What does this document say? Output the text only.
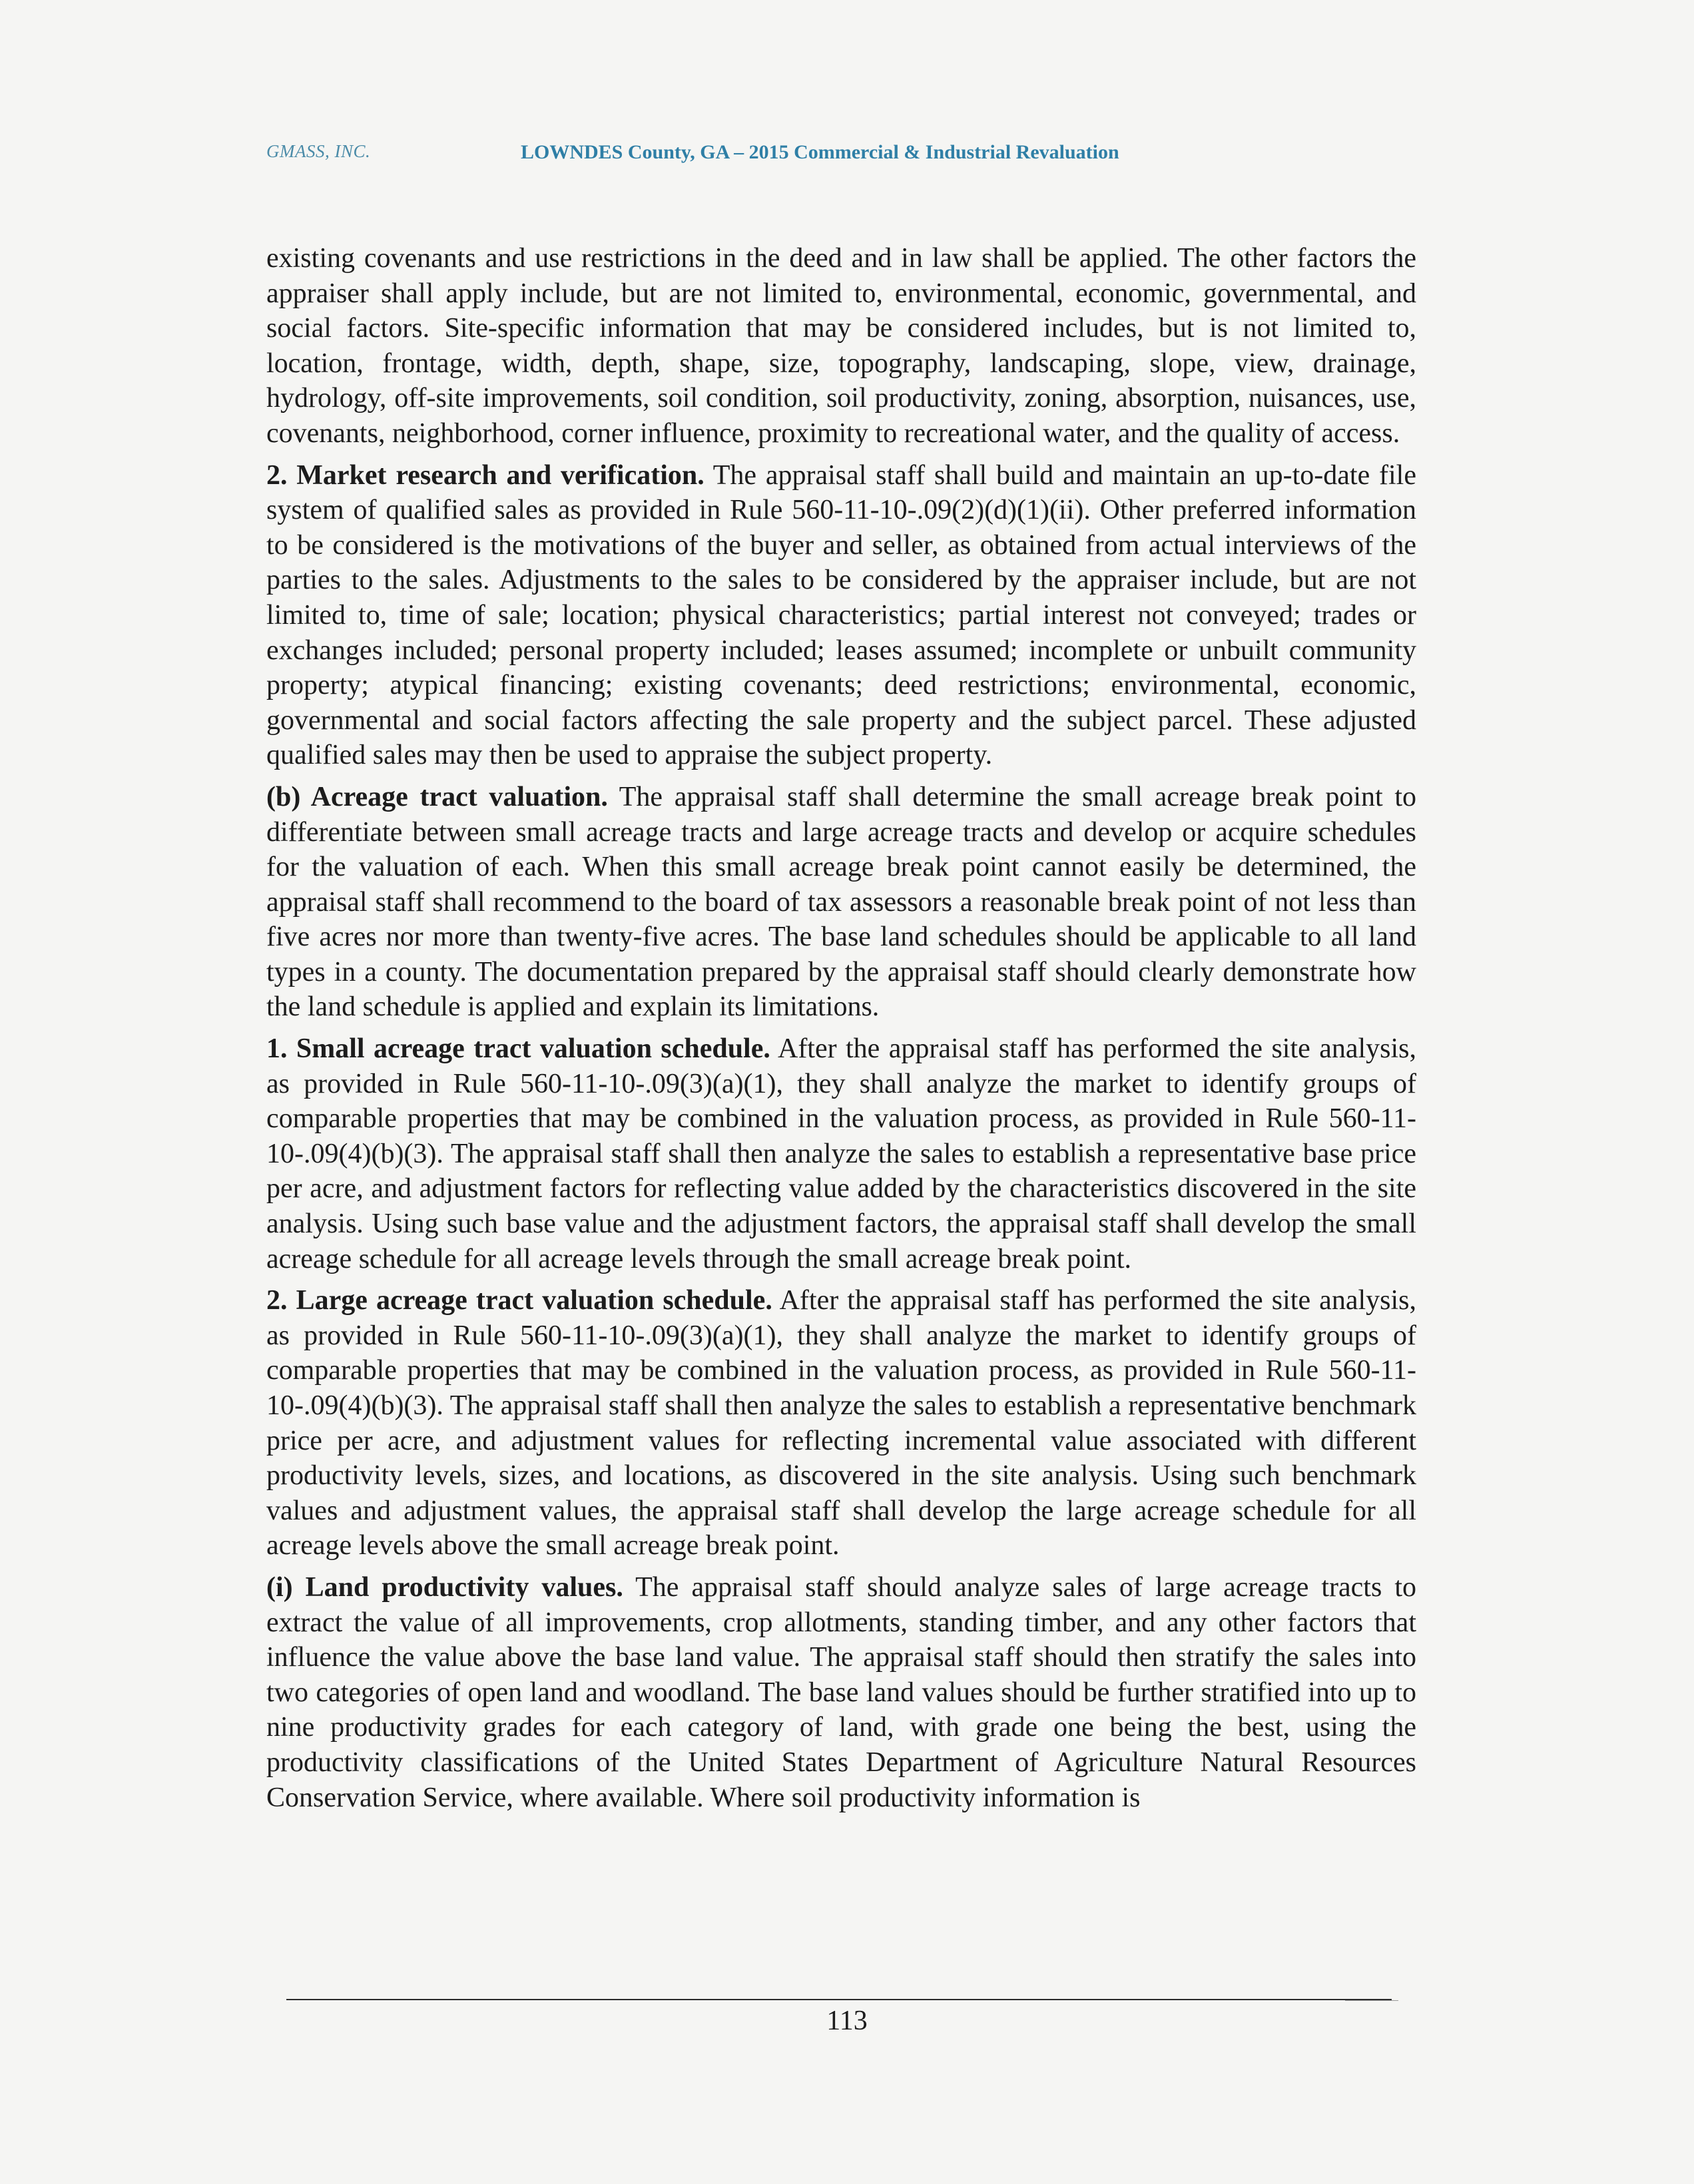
GMASS, INC.	LOWNDES County, GA – 2015 Commercial & Industrial Revaluation

existing covenants and use restrictions in the deed and in law shall be applied. The other factors the appraiser shall apply include, but are not limited to, environmental, economic, governmental, and social factors. Site-specific information that may be considered includes, but is not limited to, location, frontage, width, depth, shape, size, topography, landscaping, slope, view, drainage, hydrology, off-site improvements, soil condition, soil productivity, zoning, absorption, nuisances, use, covenants, neighborhood, corner influence, proximity to recreational water, and the quality of access.

2. Market research and verification. The appraisal staff shall build and maintain an up-to-date file system of qualified sales as provided in Rule 560-11-10-.09(2)(d)(1)(ii). Other preferred information to be considered is the motivations of the buyer and seller, as obtained from actual interviews of the parties to the sales. Adjustments to the sales to be considered by the appraiser include, but are not limited to, time of sale; location; physical characteristics; partial interest not conveyed; trades or exchanges included; personal property included; leases assumed; incomplete or unbuilt community property; atypical financing; existing covenants; deed restrictions; environmental, economic, governmental and social factors affecting the sale property and the subject parcel. These adjusted qualified sales may then be used to appraise the subject property.

(b) Acreage tract valuation. The appraisal staff shall determine the small acreage break point to differentiate between small acreage tracts and large acreage tracts and develop or acquire schedules for the valuation of each. When this small acreage break point cannot easily be determined, the appraisal staff shall recommend to the board of tax assessors a reasonable break point of not less than five acres nor more than twenty-five acres. The base land schedules should be applicable to all land types in a county. The documentation prepared by the appraisal staff should clearly demonstrate how the land schedule is applied and explain its limitations.

1. Small acreage tract valuation schedule. After the appraisal staff has performed the site analysis, as provided in Rule 560-11-10-.09(3)(a)(1), they shall analyze the market to identify groups of comparable properties that may be combined in the valuation process, as provided in Rule 560-11-10-.09(4)(b)(3). The appraisal staff shall then analyze the sales to establish a representative base price per acre, and adjustment factors for reflecting value added by the characteristics discovered in the site analysis. Using such base value and the adjustment factors, the appraisal staff shall develop the small acreage schedule for all acreage levels through the small acreage break point.

2. Large acreage tract valuation schedule. After the appraisal staff has performed the site analysis, as provided in Rule 560-11-10-.09(3)(a)(1), they shall analyze the market to identify groups of comparable properties that may be combined in the valuation process, as provided in Rule 560-11-10-.09(4)(b)(3). The appraisal staff shall then analyze the sales to establish a representative benchmark price per acre, and adjustment values for reflecting incremental value associated with different productivity levels, sizes, and locations, as discovered in the site analysis. Using such benchmark values and adjustment values, the appraisal staff shall develop the large acreage schedule for all acreage levels above the small acreage break point.

(i) Land productivity values. The appraisal staff should analyze sales of large acreage tracts to extract the value of all improvements, crop allotments, standing timber, and any other factors that influence the value above the base land value. The appraisal staff should then stratify the sales into two categories of open land and woodland. The base land values should be further stratified into up to nine productivity grades for each category of land, with grade one being the best, using the productivity classifications of the United States Department of Agriculture Natural Resources Conservation Service, where available. Where soil productivity information is

113
